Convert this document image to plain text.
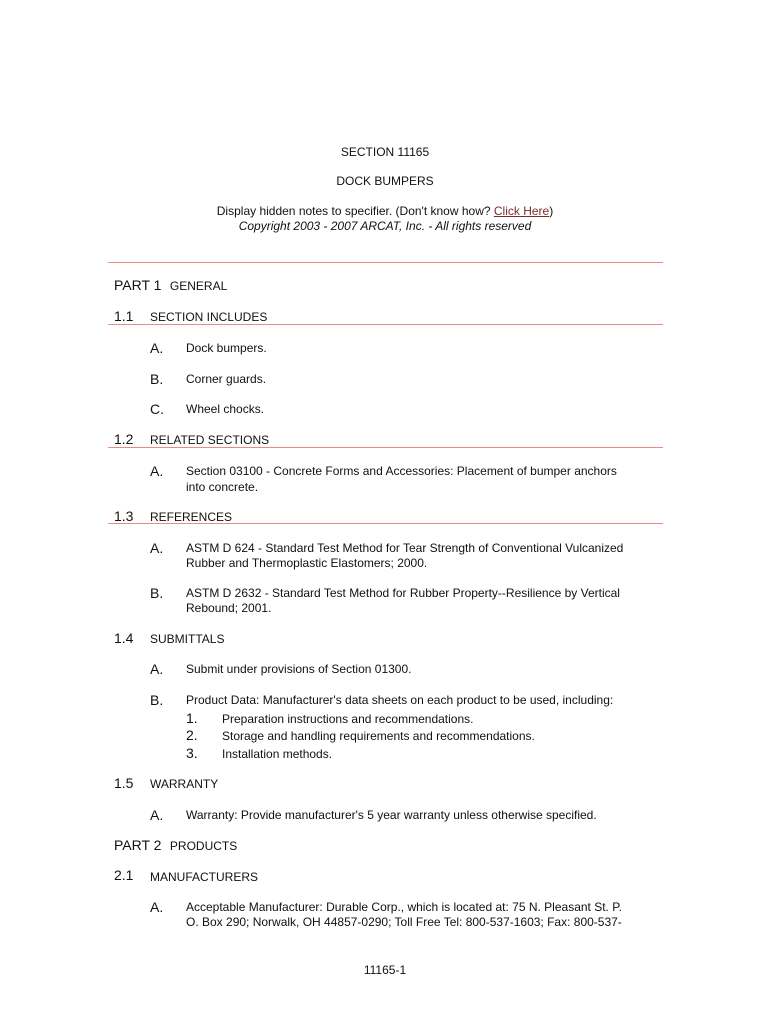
SECTION 11165
DOCK BUMPERS
Display hidden notes to specifier. (Don't know how? Click Here)
Copyright 2003 - 2007 ARCAT, Inc. - All rights reserved
PART 1 GENERAL
1.1 SECTION INCLUDES
A. Dock bumpers.
B. Corner guards.
C. Wheel chocks.
1.2 RELATED SECTIONS
A. Section 03100 - Concrete Forms and Accessories: Placement of bumper anchors
into concrete.
1.3 REFERENCES
A. ASTM D 624 - Standard Test Method for Tear Strength of Conventional Vulcanized
Rubber and Thermoplastic Elastomers; 2000.
B. ASTM D 2632 - Standard Test Method for Rubber Property--Resilience by Vertical
Rebound; 2001.
1.4 SUBMITTALS
A. Submit under provisions of Section 01300.
B. Product Data: Manufacturer's data sheets on each product to be used, including:
1. Preparation instructions and recommendations.
2. Storage and handling requirements and recommendations.
3. Installation methods.
1.5 WARRANTY
A. Warranty: Provide manufacturer's 5 year warranty unless otherwise specified.
PART 2 PRODUCTS
2.1 MANUFACTURERS
A. Acceptable Manufacturer: Durable Corp., which is located at: 75 N. Pleasant St. P.
O. Box 290; Norwalk, OH 44857-0290; Toll Free Tel: 800-537-1603; Fax: 800-537-
11165-1
